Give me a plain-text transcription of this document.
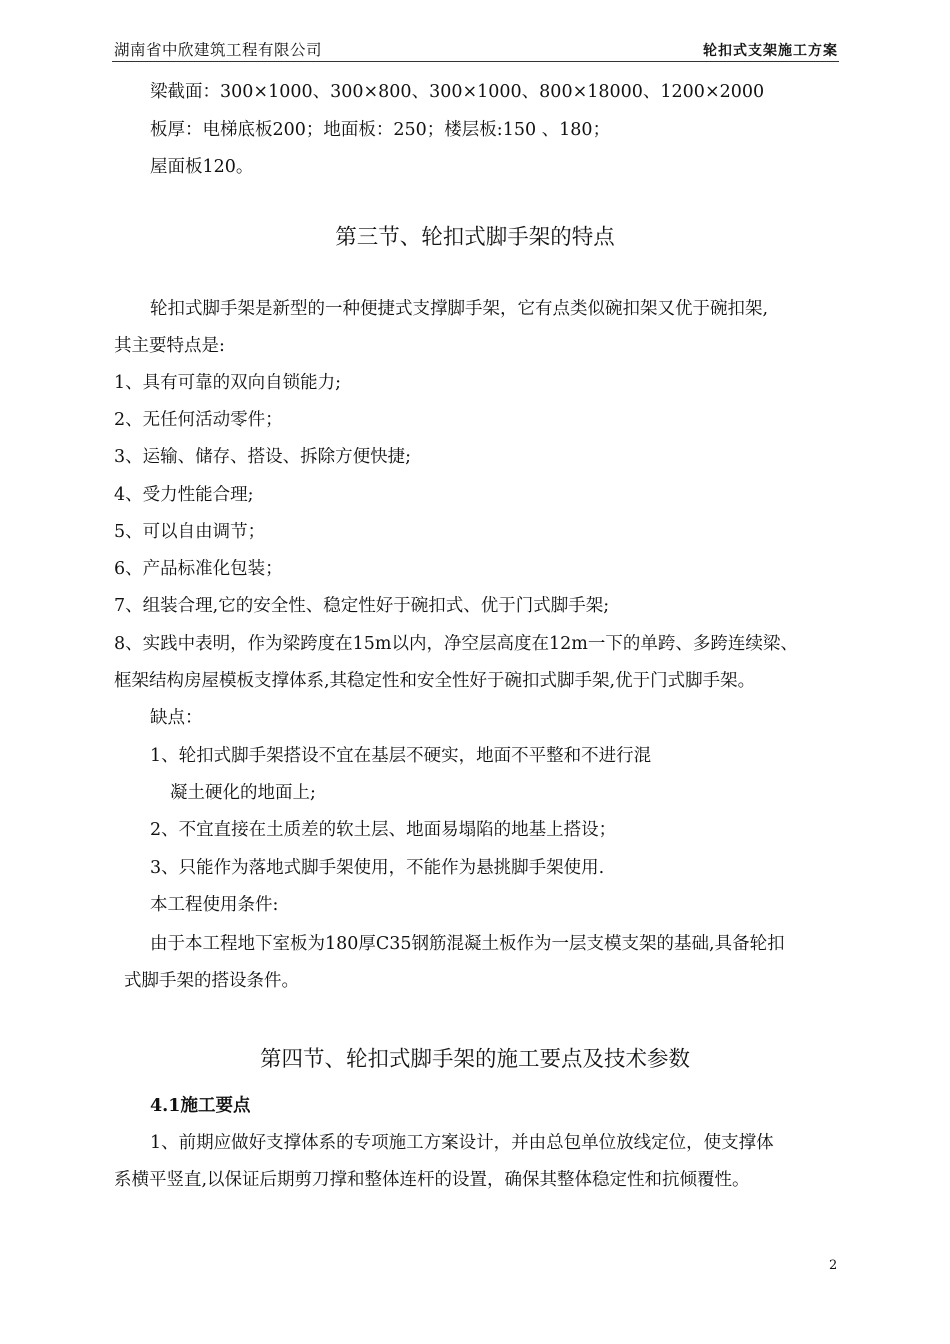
湖南省中欣建筑工程有限公司	轮扣式支架施工方案
梁截面：300×1000、300×800、300×1000、800×18000、1200×2000
板厚：电梯底板200；地面板：250；楼层板:150 、180；
屋面板120。
第三节、轮扣式脚手架的特点
轮扣式脚手架是新型的一种便捷式支撑脚手架，它有点类似碗扣架又优于碗扣架,
其主要特点是:
1、具有可靠的双向自锁能力;
2、无任何活动零件；
3、运输、储存、搭设、拆除方便快捷;
4、受力性能合理;
5、可以自由调节；
6、产品标准化包装；
7、组装合理,它的安全性、稳定性好于碗扣式、优于门式脚手架;
8、实践中表明，作为梁跨度在15m以内，净空层高度在12m一下的单跨、多跨连续梁、
框架结构房屋模板支撑体系,其稳定性和安全性好于碗扣式脚手架,优于门式脚手架。
缺点：
1、轮扣式脚手架搭设不宜在基层不硬实，地面不平整和不进行混
凝土硬化的地面上;
2、不宜直接在土质差的软土层、地面易塌陷的地基上搭设；
3、只能作为落地式脚手架使用，不能作为悬挑脚手架使用.
本工程使用条件:
由于本工程地下室板为180厚C35钢筋混凝土板作为一层支模支架的基础,具备轮扣
式脚手架的搭设条件。
第四节、轮扣式脚手架的施工要点及技术参数
4.1施工要点
1、前期应做好支撑体系的专项施工方案设计，并由总包单位放线定位，使支撑体
系横平竖直,以保证后期剪刀撑和整体连杆的设置，确保其整体稳定性和抗倾覆性。
2
